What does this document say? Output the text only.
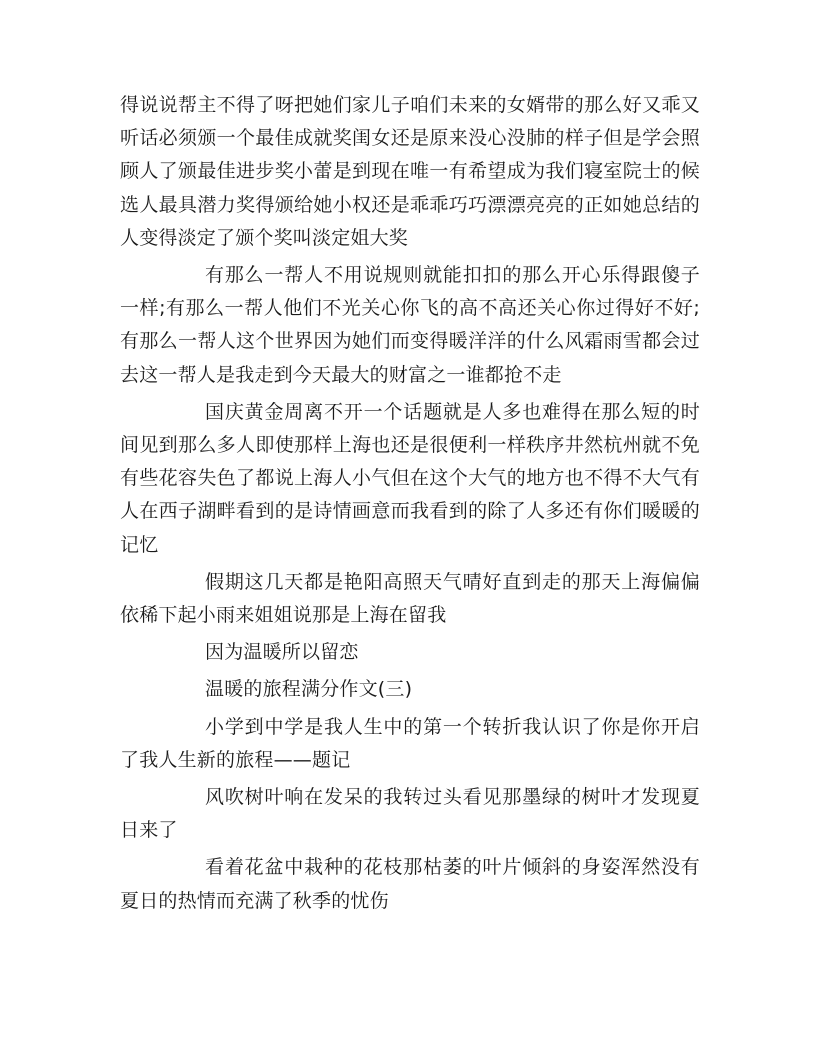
得说说帮主不得了呀把她们家儿子咱们未来的女婿带的那么好又乖又听话必须颁一个最佳成就奖闺女还是原来没心没肺的样子但是学会照顾人了颁最佳进步奖小蕾是到现在唯一有希望成为我们寝室院士的候选人最具潜力奖得颁给她小权还是乖乖巧巧漂漂亮亮的正如她总结的人变得淡定了颁个奖叫淡定姐大奖

有那么一帮人不用说规则就能扣扣的那么开心乐得跟傻子一样;有那么一帮人他们不光关心你飞的高不高还关心你过得好不好;有那么一帮人这个世界因为她们而变得暖洋洋的什么风霜雨雪都会过去这一帮人是我走到今天最大的财富之一谁都抢不走

国庆黄金周离不开一个话题就是人多也难得在那么短的时间见到那么多人即使那样上海也还是很便利一样秩序井然杭州就不免有些花容失色了都说上海人小气但在这个大气的地方也不得不大气有人在西子湖畔看到的是诗情画意而我看到的除了人多还有你们暖暖的记忆

假期这几天都是艳阳高照天气晴好直到走的那天上海偏偏依稀下起小雨来姐姐说那是上海在留我

因为温暖所以留恋

温暖的旅程满分作文(三)

小学到中学是我人生中的第一个转折我认识了你是你开启了我人生新的旅程——题记

风吹树叶响在发呆的我转过头看见那墨绿的树叶才发现夏日来了

看着花盆中栽种的花枝那枯萎的叶片倾斜的身姿浑然没有夏日的热情而充满了秋季的忧伤
